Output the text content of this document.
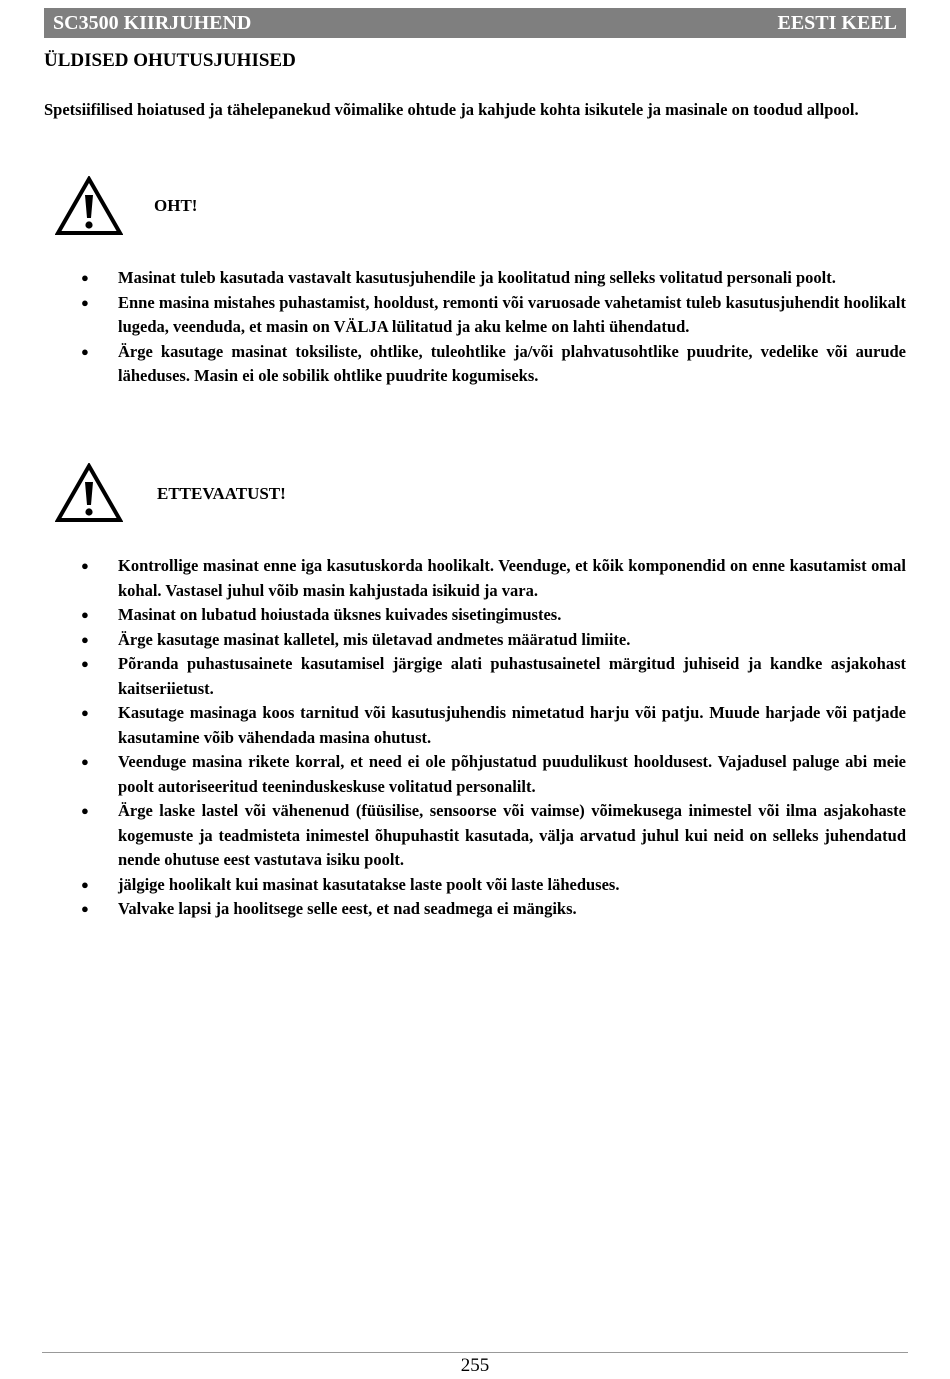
SC3500 KIIRJUHEND	EESTI KEEL
ÜLDISED OHUTUSJUHISED

Spetsiifilised hoiatused ja tähelepanekud võimalike ohtude ja kahjude kohta isikutele ja masinale on toodud allpool.

OHT!
● Masinat tuleb kasutada vastavalt kasutusjuhendile ja koolitatud ning selleks volitatud personali poolt.
● Enne masina mistahes puhastamist, hooldust, remonti või varuosade vahetamist tuleb kasutusjuhendit hoolikalt lugeda, veenduda, et masin on VÄLJA lülitatud ja aku kelme on lahti ühendatud.
● Ärge kasutage masinat toksiliste, ohtlike, tuleohtlike ja/või plahvatusohtlike puudrite, vedelike või aurude läheduses. Masin ei ole sobilik ohtlike puudrite kogumiseks.
ETTEVAATUST!
● Kontrollige masinat enne iga kasutuskorda hoolikalt. Veenduge, et kõik komponendid on enne kasutamist omal kohal. Vastasel juhul võib masin kahjustada isikuid ja vara.
● Masinat on lubatud hoiustada üksnes kuivades sisetingimustes.
● Ärge kasutage masinat kalletel, mis ületavad andmetes määratud limiite.
● Põranda puhastusainete kasutamisel järgige alati puhastusainetel märgitud juhiseid ja kandke asjakohast kaitseriietust.
● Kasutage masinaga koos tarnitud või kasutusjuhendis nimetatud harju või patju. Muude harjade või patjade kasutamine võib vähendada masina ohutust.
● Veenduge masina rikete korral, et need ei ole põhjustatud puudulikust hooldusest. Vajadusel paluge abi meie poolt autoriseeritud teeninduskeskuse volitatud personalilt.
● Ärge laske lastel või vähenenud (füüsilise, sensoorse või vaimse) võimekusega inimestel või ilma asjakohaste kogemuste ja teadmisteta inimestel õhupuhastit kasutada, välja arvatud juhul kui neid on selleks juhendatud nende ohutuse eest vastutava isiku poolt.
● jälgige hoolikalt kui masinat kasutatakse laste poolt või laste läheduses.
● Valvake lapsi ja hoolitsege selle eest, et nad seadmega ei mängiks.
255
